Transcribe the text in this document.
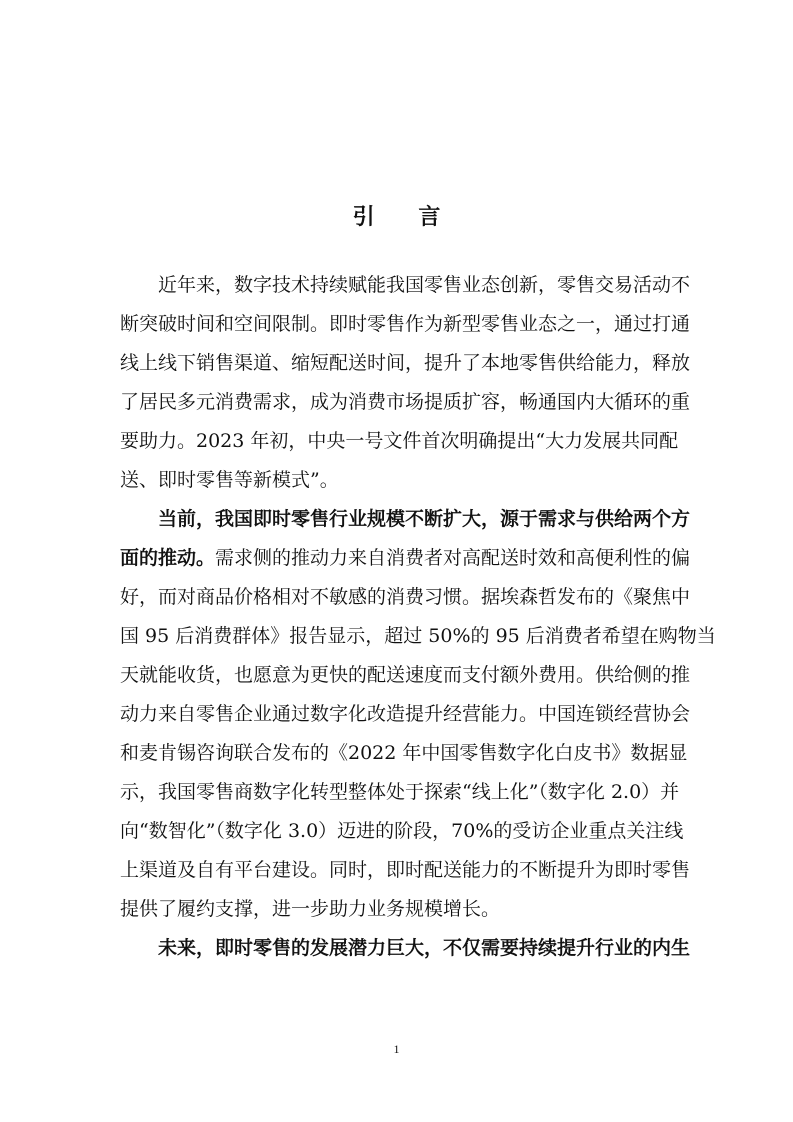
引 言
近年来，数字技术持续赋能我国零售业态创新，零售交易活动不
断突破时间和空间限制。即时零售作为新型零售业态之一，通过打通
线上线下销售渠道、缩短配送时间，提升了本地零售供给能力，释放
了居民多元消费需求，成为消费市场提质扩容，畅通国内大循环的重
要助力。2023 年初，中央一号文件首次明确提出“大力发展共同配
送、即时零售等新模式”。
当前，我国即时零售行业规模不断扩大，源于需求与供给两个方
面的推动。需求侧的推动力来自消费者对高配送时效和高便利性的偏
好，而对商品价格相对不敏感的消费习惯。据埃森哲发布的《聚焦中
国 95 后消费群体》报告显示，超过 50%的 95 后消费者希望在购物当
天就能收货，也愿意为更快的配送速度而支付额外费用。供给侧的推
动力来自零售企业通过数字化改造提升经营能力。中国连锁经营协会
和麦肯锡咨询联合发布的《2022 年中国零售数字化白皮书》数据显
示，我国零售商数字化转型整体处于探索“线上化”（数字化 2.0）并
向“数智化”（数字化 3.0）迈进的阶段，70%的受访企业重点关注线
上渠道及自有平台建设。同时，即时配送能力的不断提升为即时零售
提供了履约支撑，进一步助力业务规模增长。
未来，即时零售的发展潜力巨大，不仅需要持续提升行业的内生
1
